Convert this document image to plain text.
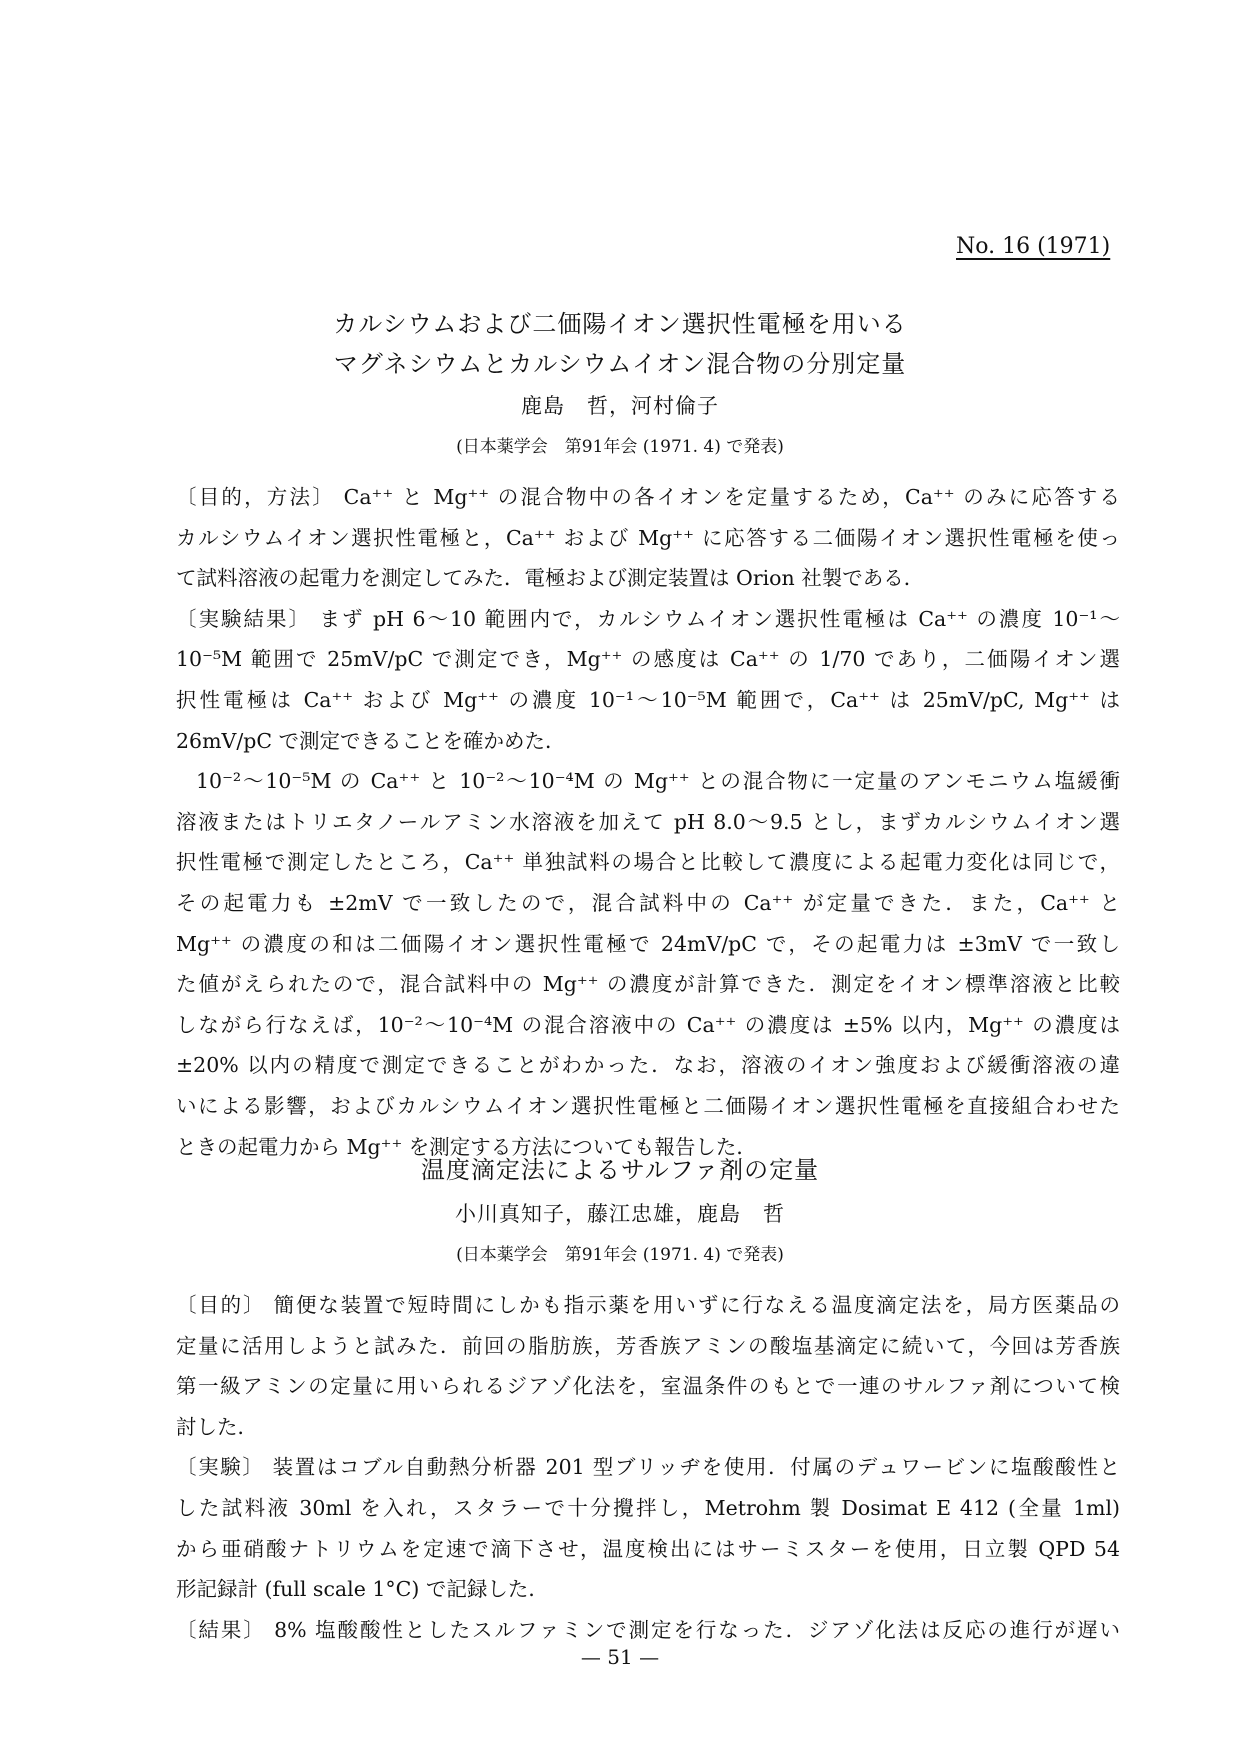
No. 16 (1971)
カルシウムおよび二価陽イオン選択性電極を用いる
マグネシウムとカルシウムイオン混合物の分別定量
鹿島　哲，河村倫子
(日本薬学会　第91年会 (1971. 4) で発表)
〔目的，方法〕 Ca⁺⁺ と Mg⁺⁺ の混合物中の各イオンを定量するため，Ca⁺⁺ のみに応答する
カルシウムイオン選択性電極と，Ca⁺⁺ および Mg⁺⁺ に応答する二価陽イオン選択性電極を使っ
て試料溶液の起電力を測定してみた．電極および測定装置は Orion 社製である．
〔実験結果〕 まず pH 6～10 範囲内で，カルシウムイオン選択性電極は Ca⁺⁺ の濃度 10⁻¹～
10⁻⁵M 範囲で 25mV/pC で測定でき，Mg⁺⁺ の感度は Ca⁺⁺ の 1/70 であり，二価陽イオン選
択性電極は Ca⁺⁺ および Mg⁺⁺ の濃度 10⁻¹～10⁻⁵M 範囲で，Ca⁺⁺ は 25mV/pC, Mg⁺⁺ は
26mV/pC で測定できることを確かめた．
10⁻²～10⁻⁵M の Ca⁺⁺ と 10⁻²～10⁻⁴M の Mg⁺⁺ との混合物に一定量のアンモニウム塩緩衝
溶液またはトリエタノールアミン水溶液を加えて pH 8.0～9.5 とし，まずカルシウムイオン選
択性電極で測定したところ，Ca⁺⁺ 単独試料の場合と比較して濃度による起電力変化は同じで，
その起電力も ±2mV で一致したので，混合試料中の Ca⁺⁺ が定量できた．また，Ca⁺⁺ と
Mg⁺⁺ の濃度の和は二価陽イオン選択性電極で 24mV/pC で，その起電力は ±3mV で一致し
た値がえられたので，混合試料中の Mg⁺⁺ の濃度が計算できた．測定をイオン標準溶液と比較
しながら行なえば，10⁻²～10⁻⁴M の混合溶液中の Ca⁺⁺ の濃度は ±5% 以内，Mg⁺⁺ の濃度は
±20% 以内の精度で測定できることがわかった．なお，溶液のイオン強度および緩衝溶液の違
いによる影響，およびカルシウムイオン選択性電極と二価陽イオン選択性電極を直接組合わせた
ときの起電力から Mg⁺⁺ を測定する方法についても報告した．
温度滴定法によるサルファ剤の定量
小川真知子，藤江忠雄，鹿島　哲
(日本薬学会　第91年会 (1971. 4) で発表)
〔目的〕 簡便な装置で短時間にしかも指示薬を用いずに行なえる温度滴定法を，局方医薬品の
定量に活用しようと試みた．前回の脂肪族，芳香族アミンの酸塩基滴定に続いて，今回は芳香族
第一級アミンの定量に用いられるジアゾ化法を，室温条件のもとで一連のサルファ剤について検
討した．
〔実験〕 装置はコブル自動熱分析器 201 型ブリッヂを使用．付属のデュワービンに塩酸酸性と
した試料液 30ml を入れ，スタラーで十分攪拌し，Metrohm 製 Dosimat E 412 (全量 1ml)
から亜硝酸ナトリウムを定速で滴下させ，温度検出にはサーミスターを使用，日立製 QPD 54
形記録計 (full scale 1°C) で記録した．
〔結果〕 8% 塩酸酸性としたスルファミンで測定を行なった．ジアゾ化法は反応の進行が遅い
— 51 —
